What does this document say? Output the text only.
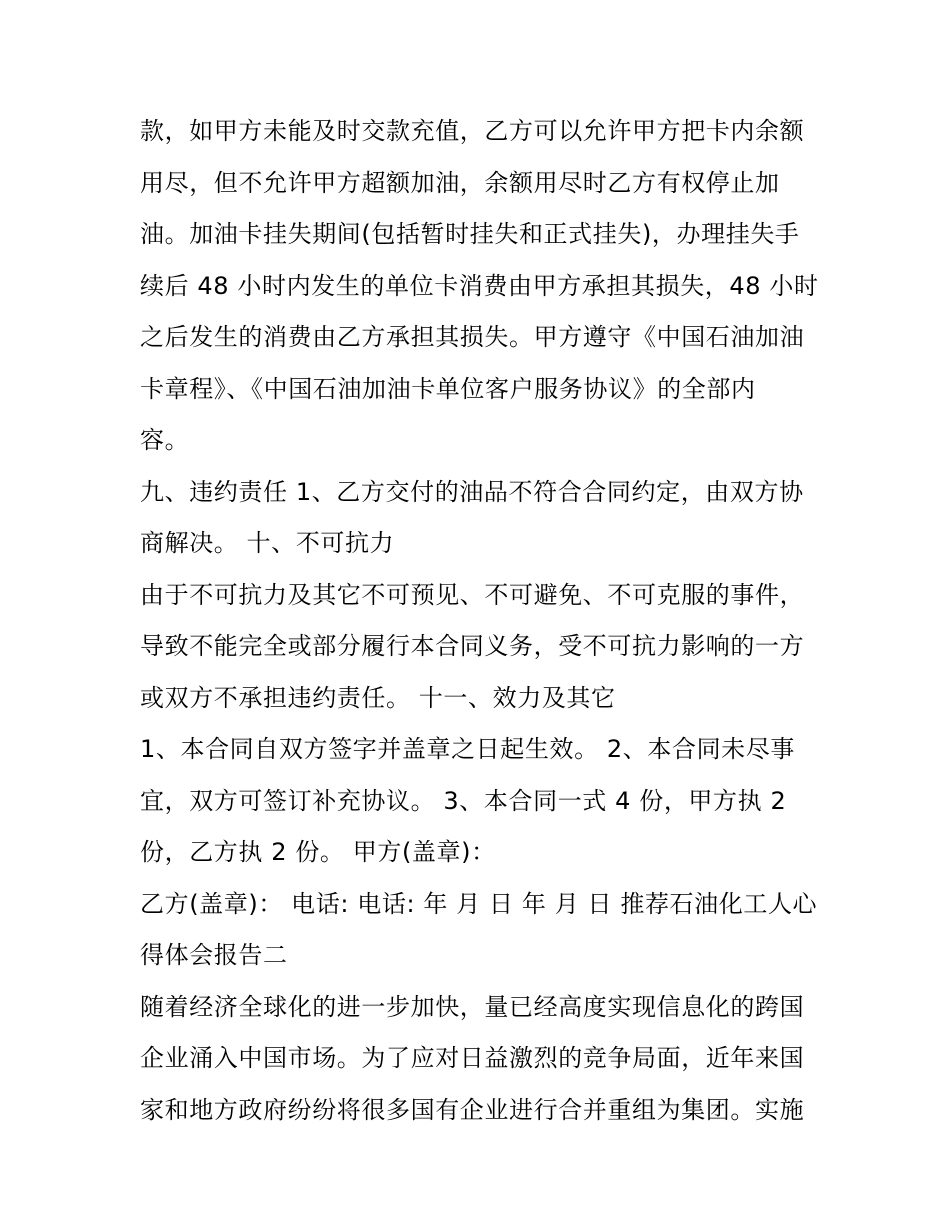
款，如甲方未能及时交款充值，乙方可以允许甲方把卡内余额
用尽，但不允许甲方超额加油，余额用尽时乙方有权停止加
油。加油卡挂失期间(包括暂时挂失和正式挂失)，办理挂失手
续后 48 小时内发生的单位卡消费由甲方承担其损失，48 小时
之后发生的消费由乙方承担其损失。甲方遵守《中国石油加油
卡章程》、《中国石油加油卡单位客户服务协议》的全部内
容。
九、违约责任 1、乙方交付的油品不符合合同约定，由双方协
商解决。 十、不可抗力
由于不可抗力及其它不可预见、不可避免、不可克服的事件，
导致不能完全或部分履行本合同义务，受不可抗力影响的一方
或双方不承担违约责任。 十一、效力及其它
1、本合同自双方签字并盖章之日起生效。 2、本合同未尽事
宜，双方可签订补充协议。 3、本合同一式 4 份，甲方执 2
份，乙方执 2 份。 甲方(盖章)：
乙方(盖章)： 电话: 电话: 年 月 日 年 月 日 推荐石油化工人心
得体会报告二
随着经济全球化的进一步加快，量已经高度实现信息化的跨国
企业涌入中国市场。为了应对日益激烈的竞争局面，近年来国
家和地方政府纷纷将很多国有企业进行合并重组为集团。实施
